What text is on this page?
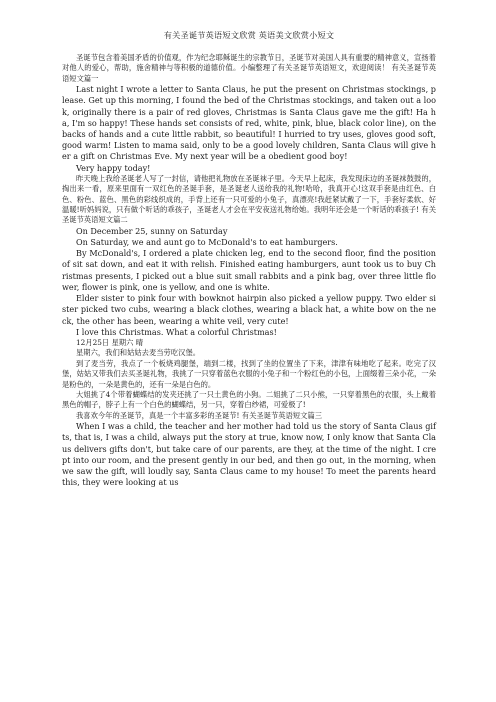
有关圣诞节英语短文欣赏 英语美文欣赏小短文

圣诞节包含着美国矛盾的价值观，作为纪念耶稣诞生的宗教节日，圣诞节对美国人具有重要的精神意义，宣扬着对他人的爱心，帮助，施舍精神与等积极的道德价值。小编整理了有关圣诞节英语短文，欢迎阅读！ 有关圣诞节英语短文篇一

Last night I wrote a letter to Santa Claus, he put the present on Christmas stockings, please. Get up this morning, I found the bed of the Christmas stockings, and taken out a look, originally there is a pair of red gloves, Christmas is Santa Claus gave me the gift! Ha ha, I'm so happy! These hands set consists of red, white, pink, blue, black color line), on the backs of hands and a cute little rabbit, so beautiful! I hurried to try uses, gloves good soft, good warm! Listen to mama said, only to be a good lovely children, Santa Claus will give her a gift on Christmas Eve. My next year will be a obedient good boy!

Very happy today!

昨天晚上我给圣诞老人写了一封信，请他把礼物放在圣诞袜子里。今天早上起床，我发现床边的圣诞袜鼓鼓的，掏出来一看，原来里面有一双红色的圣诞手套，是圣诞老人送给我的礼物!哈哈，我真开心!这双手套是由红色、白色、粉色、蓝色、黑色的彩线织成的，手背上还有一只可爱的小兔子，真漂亮!我赶紧试戴了一下，手套好柔软、好温暖!听妈妈说，只有做个听话的乖孩子，圣诞老人才会在平安夜送礼物给她。我明年还会是一个听话的乖孩子! 有关圣诞节英语短文篇二

On December 25, sunny on Saturday

On Saturday, we and aunt go to McDonald's to eat hamburgers.

By McDonald's, I ordered a plate chicken leg, end to the second floor, find the position of sit sat down, and eat it with relish. Finished eating hamburgers, aunt took us to buy Christmas presents, I picked out a blue suit small rabbits and a pink bag, over three little flower, flower is pink, one is yellow, and one is white.

Elder sister to pink four with bowknot hairpin also picked a yellow puppy. Two elder sister picked two cubs, wearing a black clothes, wearing a black hat, a white bow on the neck, the other has been, wearing a white veil, very cute!

I love this Christmas. What a colorful Christmas!

12月25日 星期六 晴

星期六，我们和姑姑去麦当劳吃汉堡。

到了麦当劳，我点了一个板烧鸡腿堡，端到二楼，找到了坐的位置坐了下来，津津有味地吃了起来。吃完了汉堡，姑姑又带我们去买圣诞礼物，我挑了一只穿着蓝色衣服的小兔子和一个粉红色的小包，上面缀着三朵小花，一朵是粉色的，一朵是黄色的，还有一朵是白色的。

大姐挑了4个带着蝴蝶结的发夹还挑了一只土黄色的小狗。二姐挑了二只小熊，一只穿着黑色的衣服，头上戴着黑色的帽子，脖子上有一个白色的蝴蝶结，另一只，穿着白纱裙，可爱极了!

我喜欢今年的圣诞节，真是一个丰富多彩的圣诞节! 有关圣诞节英语短文篇三

When I was a child, the teacher and her mother had told us the story of Santa Claus gifts, that is, I was a child, always put the story at true, know now, I only know that Santa Claus delivers gifts don't, but take care of our parents, are they, at the time of the night. I crept into our room, and the present gently in our bed, and then go out, in the morning, when we saw the gift, will loudly say, Santa Claus came to my house! To meet the parents heard this, they were looking at us
